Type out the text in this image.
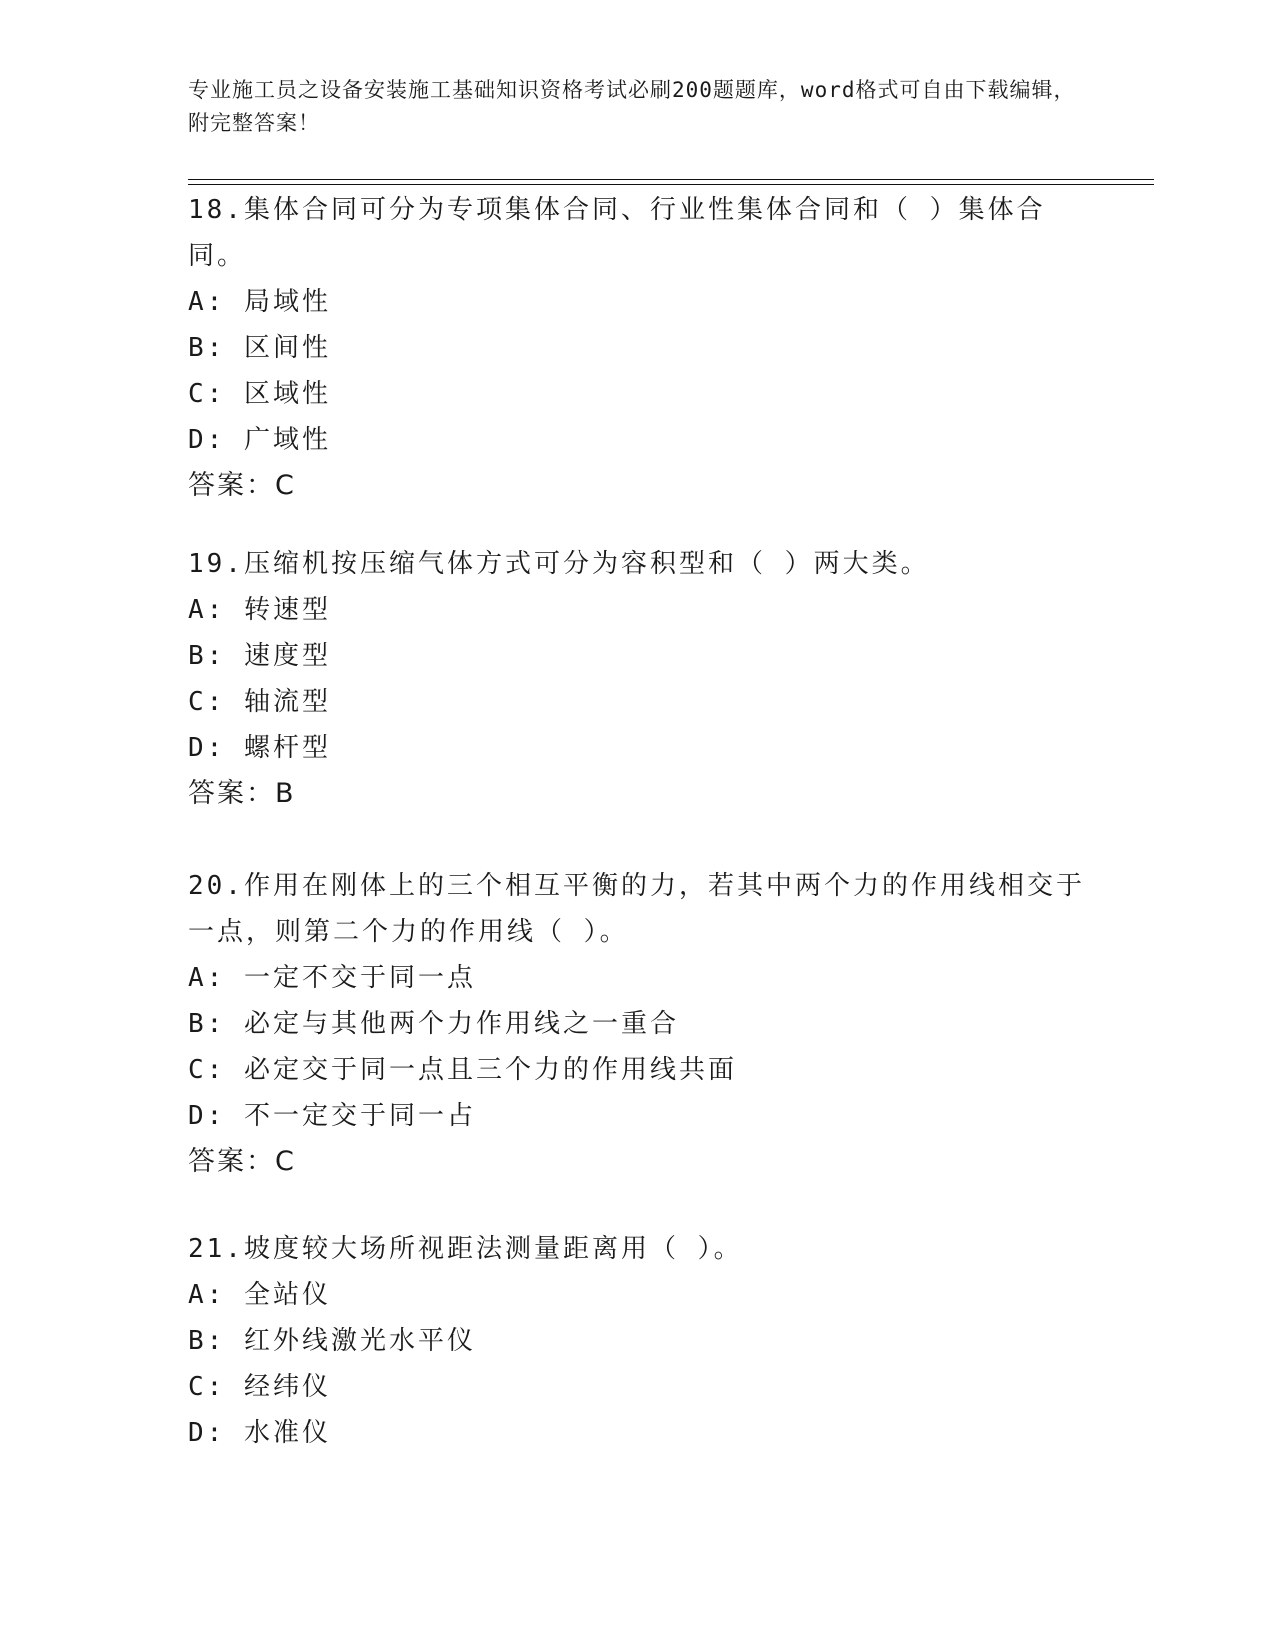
专业施工员之设备安装施工基础知识资格考试必刷200题题库，word格式可自由下载编辑，附完整答案！

18.集体合同可分为专项集体合同、行业性集体合同和（ ）集体合同。

A: 局域性

B: 区间性

C: 区域性

D: 广域性

答案：C

19.压缩机按压缩气体方式可分为容积型和（ ）两大类。

A: 转速型

B: 速度型

C: 轴流型

D: 螺杆型

答案：B

20.作用在刚体上的三个相互平衡的力，若其中两个力的作用线相交于一点，则第二个力的作用线（ ）。

A: 一定不交于同一点

B: 必定与其他两个力作用线之一重合

C: 必定交于同一点且三个力的作用线共面

D: 不一定交于同一占

答案：C

21.坡度较大场所视距法测量距离用（ ）。

A: 全站仪

B: 红外线激光水平仪

C: 经纬仪

D: 水准仪
